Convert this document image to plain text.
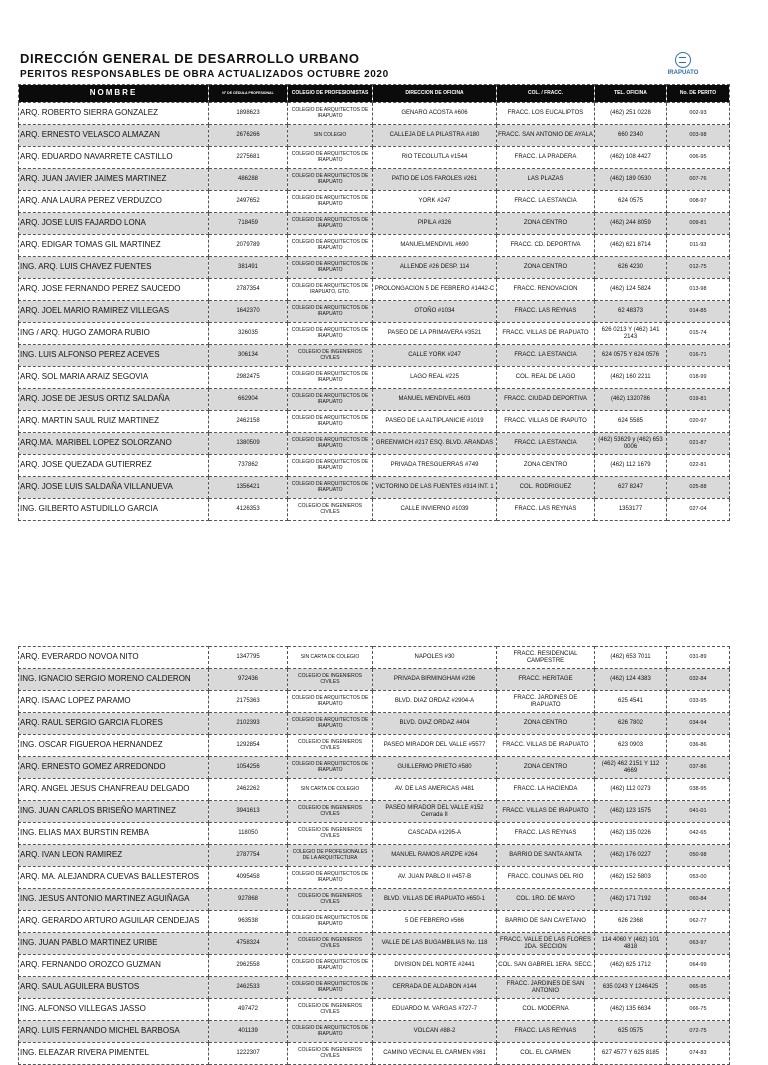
DIRECCIÓN GENERAL DE DESARROLLO URBANO
PERITOS RESPONSABLES DE OBRA ACTUALIZADOS OCTUBRE 2020	IRAPUATO
NOMBRE	N° DE CÉDULA PROFESIONAL	COLEGIO DE PROFESIONISTAS	DIRECCION DE OFICINA	COL. / FRACC.	TEL. OFICINA	No. DE PERITO
ARQ. ROBERTO SIERRA GONZALEZ	1898623	COLEGIO DE ARQUITECTOS DE IRAPUATO	GENARO ACOSTA #606	FRACC. LOS EUCALIPTOS	(462) 251 0228	002-93
ARQ. ERNESTO VELASCO ALMAZAN	2676266	SIN COLEGIO	CALLEJA DE LA PILASTRA #180	FRACC. SAN ANTONIO DE AYALA	660 2340	003-98
ARQ. EDUARDO NAVARRETE CASTILLO	2275681	COLEGIO DE ARQUITECTOS DE IRAPUATO	RIO TECOLUTLA #1544	FRACC. LA PRADERA	(462) 108 4427	006-95
ARQ. JUAN JAVIER JAIMES MARTINEZ	486288	COLEGIO DE ARQUITECTOS DE IRAPUATO	PATIO DE LOS FAROLES #261	LAS PLAZAS	(462) 189 0530	007-76
ARQ. ANA LAURA PEREZ VERDUZCO	2497652	COLEGIO DE ARQUITECTOS DE IRAPUATO	YORK #247	FRACC. LA ESTANCIA	624 0575	008-97
ARQ. JOSE LUIS FAJARDO LONA	718459	COLEGIO DE ARQUITECTOS DE IRAPUATO	PIPILA #326	ZONA CENTRO	(462) 244 8059	009-81
ARQ. EDIGAR TOMAS GIL MARTINEZ	2079789	COLEGIO DE ARQUITECTOS DE IRAPUATO	MANUELMENDIVIL #690	FRACC. CD. DEPORTIVA	(462) 621 8714	011-93
ING. ARQ. LUIS CHAVEZ FUENTES	381491	COLEGIO DE ARQUITECTOS DE IRAPUATO	ALLENDE #26 DESP. 114	ZONA CENTRO	626 4230	012-75
ARQ. JOSE FERNANDO PEREZ SAUCEDO	2787354	COLEGIO DE ARQUITECTOS DE IRAPUATO, GTO.	PROLONGACION 5 DE FEBRERO #1442-C	FRACC. RENOVACION	(462) 124 5824	013-98
ARQ. JOEL MARIO RAMIREZ VILLEGAS	1642370	COLEGIO DE ARQUITECTOS DE IRAPUATO	OTOÑO #1034	FRACC. LAS REYNAS	62 48373	014-85
ING / ARQ. HUGO ZAMORA RUBIO	326035	COLEGIO DE ARQUITECTOS DE IRAPUATO	PASEO DE LA PRIMAVERA #3521	FRACC. VILLAS DE IRAPUATO	626 0213 Y (462) 141 2143	015-74
ING. LUIS ALFONSO PEREZ ACEVES	306134	COLEGIO DE INGENIEROS CIVILES	CALLE YORK #247	FRACC. LA ESTANCIA	624 0575 Y 624 0576	016-71
ARQ. SOL MARIA ARAIZ SEGOVIA	2982475	COLEGIO DE ARQUITECTOS DE IRAPUATO	LAGO REAL #225	COL. REAL DE LAGO	(462) 160 2211	018-99
ARQ. JOSE DE JESUS ORTIZ SALDAÑA	662904	COLEGIO DE ARQUITECTOS DE IRAPUATO	MANUEL MENDIVEL #603	FRACC. CIUDAD DEPORTIVA	(462) 1320786	019-81
ARQ. MARTIN SAUL RUIZ MARTINEZ	2462158	COLEGIO DE ARQUITECTOS DE IRAPUATO	PASEO DE LA ALTIPLANICIE #1019	FRACC. VILLAS DE IRAPUTO	624 5585	020-97
ARQ.MA. MARIBEL LOPEZ SOLORZANO	1380509	COLEGIO DE ARQUITECTOS DE IRAPUATO	GREENWICH #217 ESQ. BLVD. ARANDAS	FRACC. LA ESTANCIA	(462) 53629 y (462) 653 0006	021-87
ARQ. JOSE QUEZADA GUTIERREZ	737862	COLEGIO DE ARQUITECTOS DE IRAPUATO	PRIVADA TRESGUERRAS #749	ZONA CENTRO	(462) 112 1679	022-81
ARQ. JOSE LUIS SALDAÑA VILLANUEVA	1356421	COLEGIO DE ARQUITECTOS DE IRAPUATO	VICTORINO DE LAS FUENTES #314 INT. 1	COL. RODRIGUEZ	627 8247	025-88
ING. GILBERTO ASTUDILLO GARCIA	4126353	COLEGIO DE INGENIEROS CIVILES	CALLE INVIERNO #1039	FRACC. LAS REYNAS	1353177	027-04
ARQ. EVERARDO NOVOA NITO	1347795	SIN CARTA DE COLEGIO	NAPOLES #30	FRACC. RESIDENCIAL CAMPESTRE	(462) 653 7011	031-89
ING. IGNACIO SERGIO MORENO CALDERON	972436	COLEGIO DE INGENIEROS CIVILES	PRIVADA BIRMINGHAM #296	FRACC. HERITAGE	(462) 124 4383	032-84
ARQ. ISAAC LOPEZ PARAMO	2175363	COLEGIO DE ARQUITECTOS DE IRAPUATO	BLVD. DIAZ ORDAZ #2904-A	FRACC. JARDINES DE IRAPUATO	625 4541	033-95
ARQ. RAUL SERGIO GARCIA FLORES	2102393	COLEGIO DE ARQUITECTOS DE IRAPUATO	BLVD. DIAZ ORDAZ #404	ZONA CENTRO	626 7802	034-94
ING. OSCAR FIGUEROA HERNANDEZ	1292854	COLEGIO DE INGENIEROS CIVILES	PASEO MIRADOR DEL VALLE #5577	FRACC. VILLAS DE IRAPUATO	623 0903	036-86
ARQ. ERNESTO GOMEZ ARREDONDO	1054256	COLEGIO DE ARQUITECTOS DE IRAPUATO	GUILLERMO PRIETO #580	ZONA CENTRO	(462) 462 2151 Y 112 4669	037-86
ARQ. ANGEL JESUS CHANFREAU DELGADO	2462262	SIN CARTA DE COLEGIO	AV. DE LAS AMERICAS #481	FRACC. LA HACIENDA	(462) 112 0273	038-95
ING. JUAN CARLOS BRISEÑO MARTINEZ	3941613	COLEGIO DE INGENIEROS CIVILES	PASEO MIRADOR DEL VALLE #152 Cerrada II	FRACC. VILLAS DE IRAPUATO	(462) 123 1575	041-01
ING. ELIAS MAX BURSTIN REMBA	118050	COLEGIO DE INGENIEROS CIVILES	CASCADA #1295-A	FRACC. LAS REYNAS	(462) 135 0226	042-65
ARQ. IVAN LEON RAMIREZ	2787754	COLEGIO DE PROFESIONALES DE LA ARQUITECTURA	MANUEL RAMOS ARIZPE #264	BARRIO DE SANTA ANITA	(462) 176 0227	050-98
ARQ. MA. ALEJANDRA CUEVAS BALLESTEROS	4095458	COLEGIO DE ARQUITECTOS DE IRAPUATO	AV. JUAN PABLO II #457-B	FRACC. COLINAS DEL RIO	(462) 152 5803	053-00
ING. JESUS ANTONIO MARTINEZ AGUIÑAGA	927868	COLEGIO DE INGENIEROS CIVILES	BLVD. VILLAS DE IRAPUATO #650-1	COL. 1RO. DE MAYO	(462) 171 7192	060-84
ARQ. GERARDO ARTURO AGUILAR CENDEJAS	963538	COLEGIO DE ARQUITECTOS DE IRAPUATO	5 DE FEBRERO #566	BARRIO DE SAN CAYETANO	626 2368	062-77
ING. JUAN PABLO MARTINEZ URIBE	4758324	COLEGIO DE INGENIEROS CIVILES	VALLE DE LAS BUGAMBILIAS No. 118	FRACC. VALLE DE LAS FLORES 2DA. SECCION	114 4060 Y (462) 101 4818	063-97
ARQ. FERNANDO OROZCO GUZMAN	2962558	COLEGIO DE ARQUITECTOS DE IRAPUATO	DIVISION DEL NORTE #2441	COL. SAN GABRIEL 1ERA. SECC.	(462) 625 1712	064-99
ARQ. SAUL AGUILERA BUSTOS	2462533	COLEGIO DE ARQUITECTOS DE IRAPUATO	CERRADA DE ALDABON #144	FRACC. JARDINES DE SAN ANTONIO	635 0243 Y 1246425	065-95
ING. ALFONSO VILLEGAS JASSO	497472	COLEGIO DE INGENIEROS CIVILES	EDUARDO M. VARGAS #727-7	COL. MODERNA	(462) 135 6634	066-75
ARQ. LUIS FERNANDO MICHEL BARBOSA	401139	COLEGIO DE ARQUITECTOS DE IRAPUATO	VOLCAN #88-2	FRACC. LAS REYNAS	625 0575	072-75
ING. ELEAZAR RIVERA PIMENTEL	1222307	COLEGIO DE INGENIEROS CIVILES	CAMINO VECINAL EL CARMEN #361	COL. EL CARMEN	627 4577 Y 625 8185	074-83
